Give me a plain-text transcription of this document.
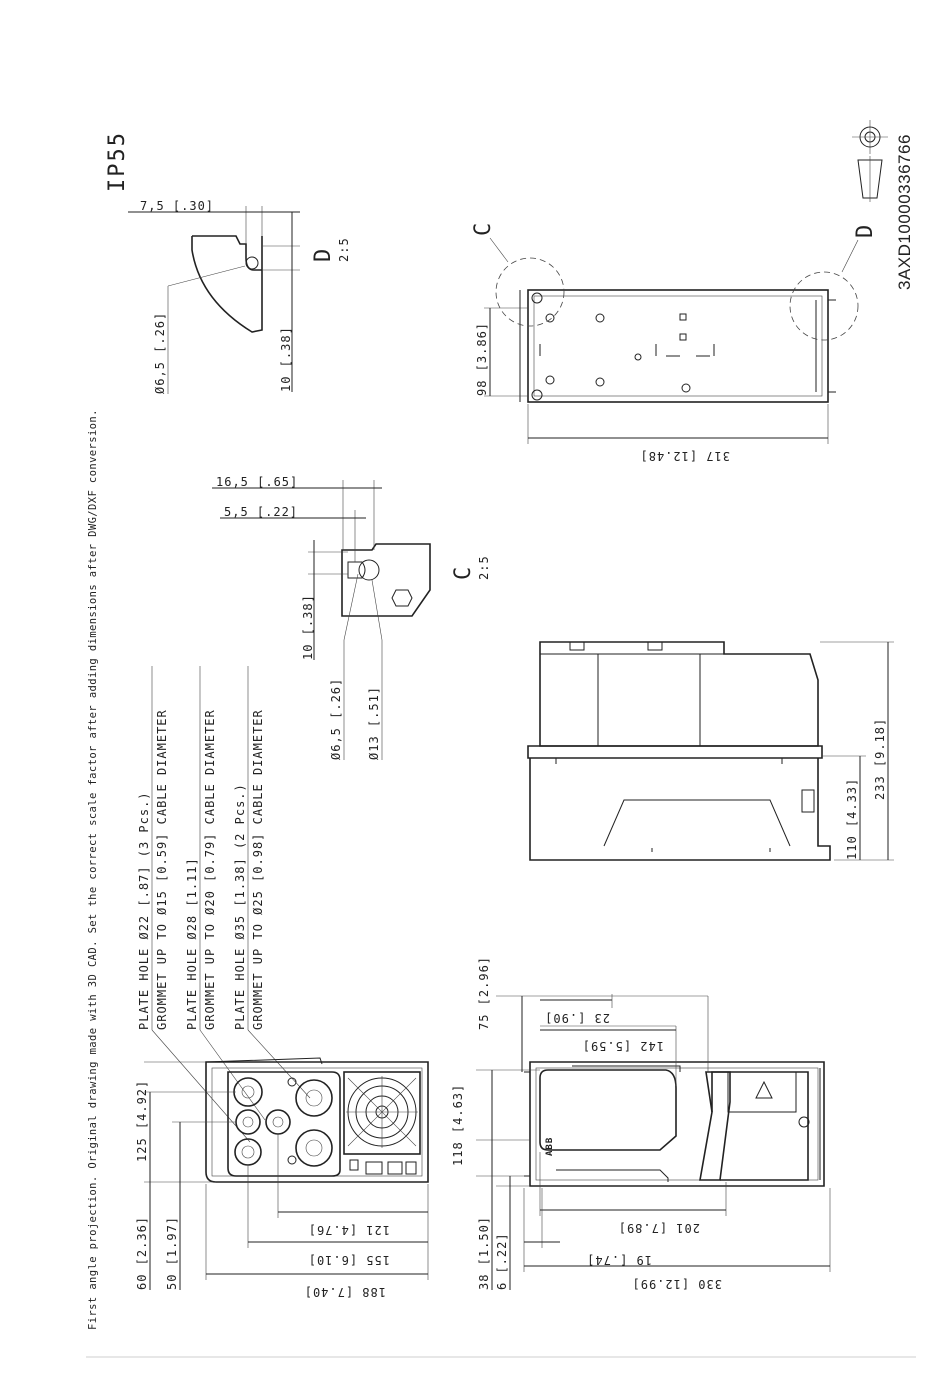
First angle projection. Original drawing made with 3D CAD. Set the correct scale factor after adding dimensions after DWG/DXF conversion.
IP55	3AXD10000336766
PLATE HOLE Ø22 [.87] (3 Pcs.) GROMMET UP TO Ø15 [0.59] CABLE DIAMETER PLATE HOLE Ø28 [1.11] GROMMET UP TO Ø20 [0.79] CABLE DIAMETER PLATE HOLE Ø35 [1.38] (2 Pcs.) GROMMET UP TO Ø25 [0.98] CABLE DIAMETER
7,5 [.30]
10 [.38]
Ø6,5 [.26]
D 2:5
16,5 [.65]
5,5 [.22]
10 [.38]
Ø6,5 [.26] Ø13 [.51]
C 2:5
C	D
317 [12.48]
98 [3.86]
233 [9.18]
110 [4.33]
ABB
330 [12.99]
201 [7.89]
19 [.74]
38 [1.50] 6 [.22]
118 [4.63]
75 [2.96]
142 [5.59]
23 [.90]
188 [7.40]
155 [6.10]
121 [4.76]
125 [4.92]
60 [2.36] 50 [1.97]
